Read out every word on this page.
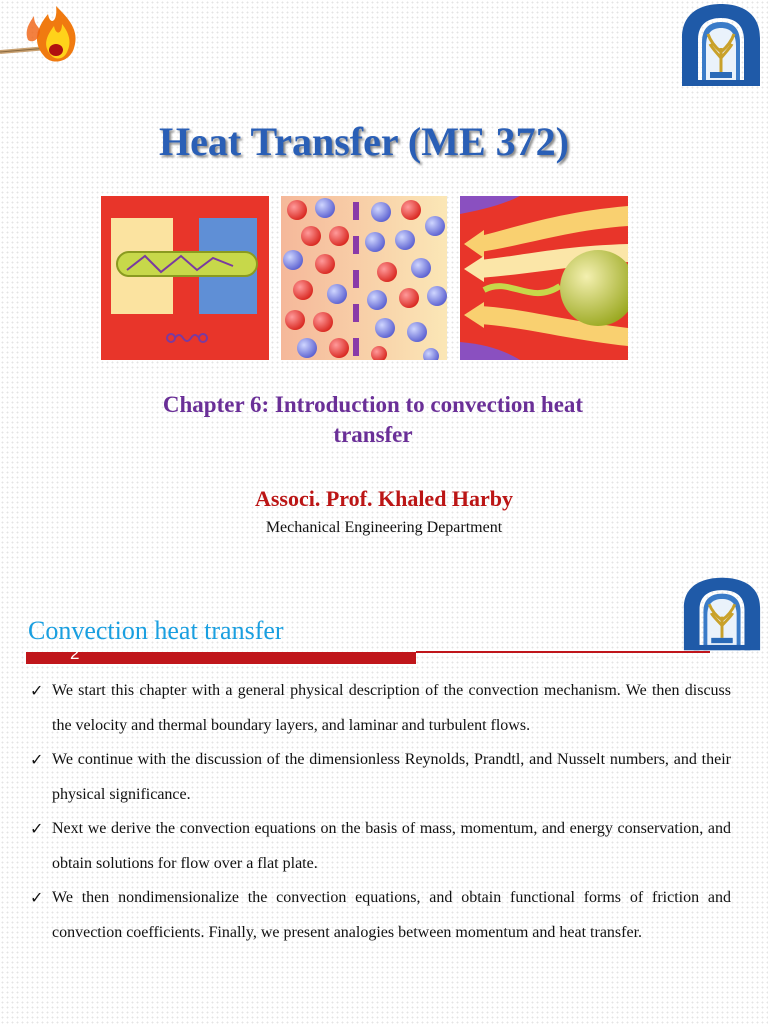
Heat Transfer (ME 372)
Chapter 6: Introduction to convection heat transfer
Associ. Prof. Khaled Harby
Mechanical Engineering Department
Convection heat transfer
2
✓ We start this chapter with a general physical description of the convection mechanism. We then discuss the velocity and thermal boundary layers, and laminar and turbulent flows.
✓ We continue with the discussion of the dimensionless Reynolds, Prandtl, and Nusselt numbers, and their physical significance.
✓ Next we derive the convection equations on the basis of mass, momentum, and energy conservation, and obtain solutions for flow over a flat plate.
✓ We then nondimensionalize the convection equations, and obtain functional forms of friction and convection coefficients. Finally, we present analogies between momentum and heat transfer.
